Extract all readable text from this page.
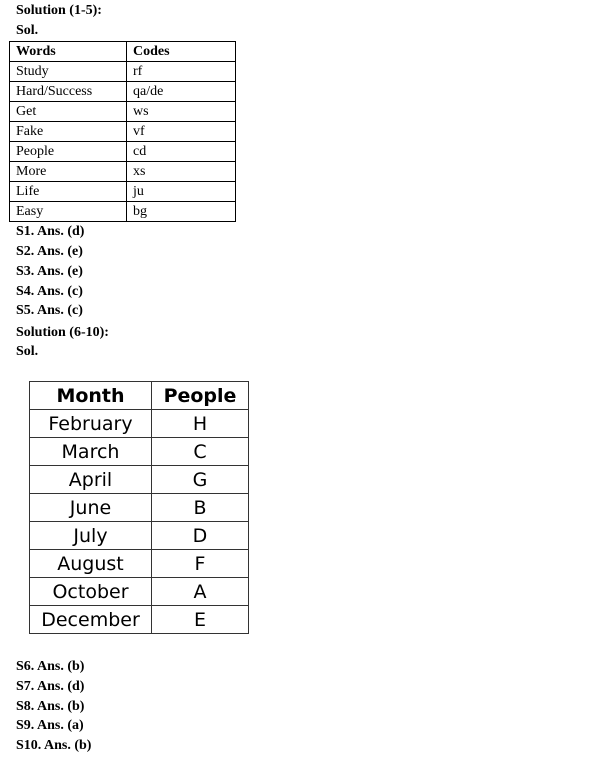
Solution (1-5):
Sol.
Words	Codes
Study	rf
Hard/Success	qa/de
Get	ws
Fake	vf
People	cd
More	xs
Life	ju
Easy	bg
S1. Ans. (d)
S2. Ans. (e)
S3. Ans. (e)
S4. Ans. (c)
S5. Ans. (c)
Solution (6-10):
Sol.
Month	People
February	H
March	C
April	G
June	B
July	D
August	F
October	A
December	E
S6. Ans. (b)
S7. Ans. (d)
S8. Ans. (b)
S9. Ans. (a)
S10. Ans. (b)
